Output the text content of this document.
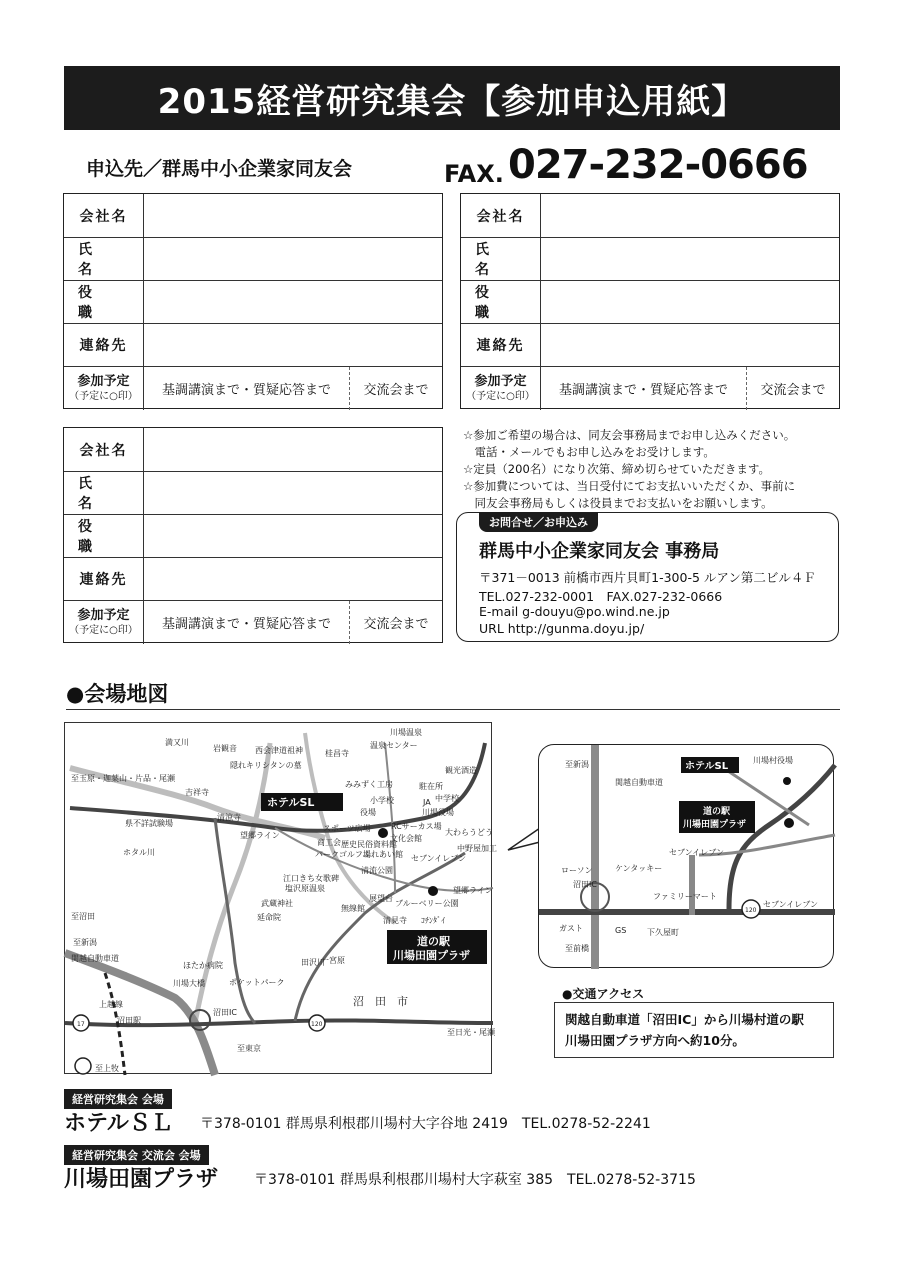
2015経営研究集会【参加申込用紙】
申込先／群馬中小企業家同友会	FAX. 027-232-0666
会社名
氏 名
役 職
連絡先
参加予定
（予定に○印）	基調講演まで・質疑応答まで	交流会まで
会社名
氏 名
役 職
連絡先
参加予定
（予定に○印）	基調講演まで・質疑応答まで	交流会まで
会社名
氏 名
役 職
連絡先
参加予定
（予定に○印）	基調講演まで・質疑応答まで	交流会まで
☆参加ご希望の場合は、同友会事務局までお申し込みください。
　電話・メールでもお申し込みをお受けします。
☆定員（200名）になり次第、締め切らせていただきます。
☆参加費については、当日受付にてお支払いいただくか、事前に
　同友会事務局もしくは役員までお支払いをお願いします。
お問合せ／お申込み
群馬中小企業家同友会 事務局
〒371－0013 前橋市西片貝町1-300-5 ルアン第二ビル４Ｆ
TEL.027-232-0001　FAX.027-232-0666
E-mail g-douyu@po.wind.ne.jp
URL http://gunma.doyu.jp/
●会場地図
川場温泉
温泉センター
岩観音 西会津道祖神	桂昌寺
満又川
至玉原・迦葉山・片品・尾瀬
観光酒造
吉祥寺
隠れキリシタンの墓
みみずく工房	駐在所
小学校	中学校
役場
JA
川場役場
県不詳試験場
清涼寺
望郷ライン
スポーツ広場	RCサーカス場
文化会館
大わらうどう
商工会 歴史民俗資料館
パークゴルフ場
ふれあい館 セブンイレブン
中野屋加工
清流公園
江口きち女歌碑
塩沢原温泉
ホタル川
望郷ライン
展望台
ブルーベリー公園
無線館
清見寺 ｺﾁﾝﾀﾞｲ
武蔵神社
延命院
至沼田
ほたか病院
ポケットパーク
田沢川
川場大橋
関越自動車道
沼田IC
至新潟
至東京
至日光・尾瀬
至上牧
沼田駅
上越線
一宮原
120
17
沼　田　市
ホテルSL
道の駅
川場田園プラザ
至新潟
関越自動車道
川場村役場
ローソン
沼田IC
ケンタッキー
セブンイレブン
ファミリーマート
セブンイレブン
ガスト	GS	下久屋町
至前橋
120
ホテルSL
道の駅
川場田園プラザ
●交通アクセス
関越自動車道「沼田IC」から川場村道の駅
川場田園プラザ方向へ約10分。
経営研究集会 会場
ホテルＳＬ 〒378-0101 群馬県利根郡川場村大字谷地 2419　TEL.0278-52-2241
経営研究集会 交流会 会場
川場田園プラザ	〒378-0101 群馬県利根郡川場村大字萩室 385　TEL.0278-52-3715
